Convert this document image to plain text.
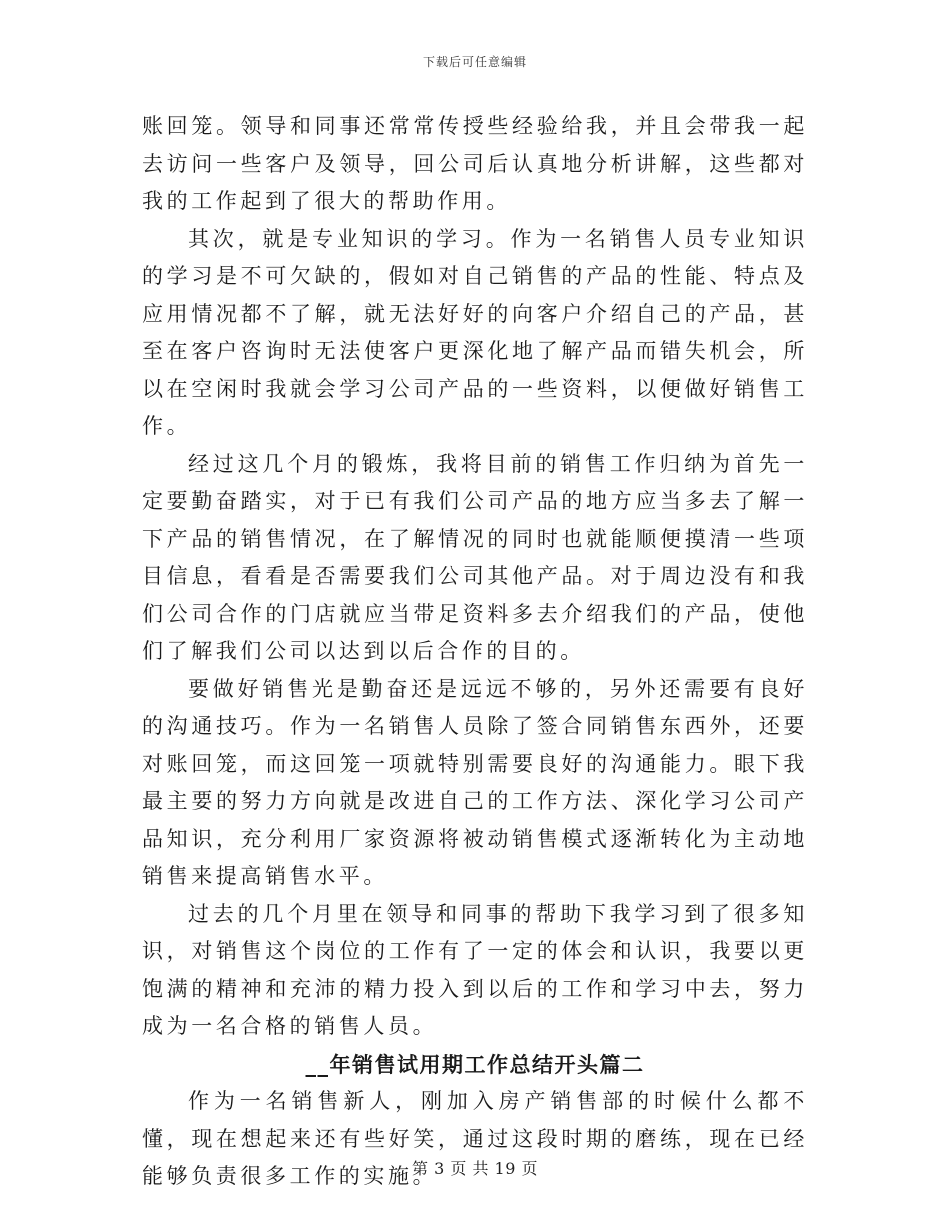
下载后可任意编辑

账回笼。领导和同事还常常传授些经验给我，并且会带我一起去访问一些客户及领导，回公司后认真地分析讲解，这些都对我的工作起到了很大的帮助作用。

其次，就是专业知识的学习。作为一名销售人员专业知识的学习是不可欠缺的，假如对自己销售的产品的性能、特点及应用情况都不了解，就无法好好的向客户介绍自己的产品，甚至在客户咨询时无法使客户更深化地了解产品而错失机会，所以在空闲时我就会学习公司产品的一些资料，以便做好销售工作。

经过这几个月的锻炼，我将目前的销售工作归纳为首先一定要勤奋踏实，对于已有我们公司产品的地方应当多去了解一下产品的销售情况，在了解情况的同时也就能顺便摸清一些项目信息，看看是否需要我们公司其他产品。对于周边没有和我们公司合作的门店就应当带足资料多去介绍我们的产品，使他们了解我们公司以达到以后合作的目的。

要做好销售光是勤奋还是远远不够的，另外还需要有良好的沟通技巧。作为一名销售人员除了签合同销售东西外，还要对账回笼，而这回笼一项就特别需要良好的沟通能力。眼下我最主要的努力方向就是改进自己的工作方法、深化学习公司产品知识，充分利用厂家资源将被动销售模式逐渐转化为主动地销售来提高销售水平。

过去的几个月里在领导和同事的帮助下我学习到了很多知识，对销售这个岗位的工作有了一定的体会和认识，我要以更饱满的精神和充沛的精力投入到以后的工作和学习中去，努力成为一名合格的销售人员。

__年销售试用期工作总结开头篇二

作为一名销售新人，刚加入房产销售部的时候什么都不懂，现在想起来还有些好笑，通过这段时期的磨练，现在已经能够负责很多工作的实施。

第 3 页 共 19 页
